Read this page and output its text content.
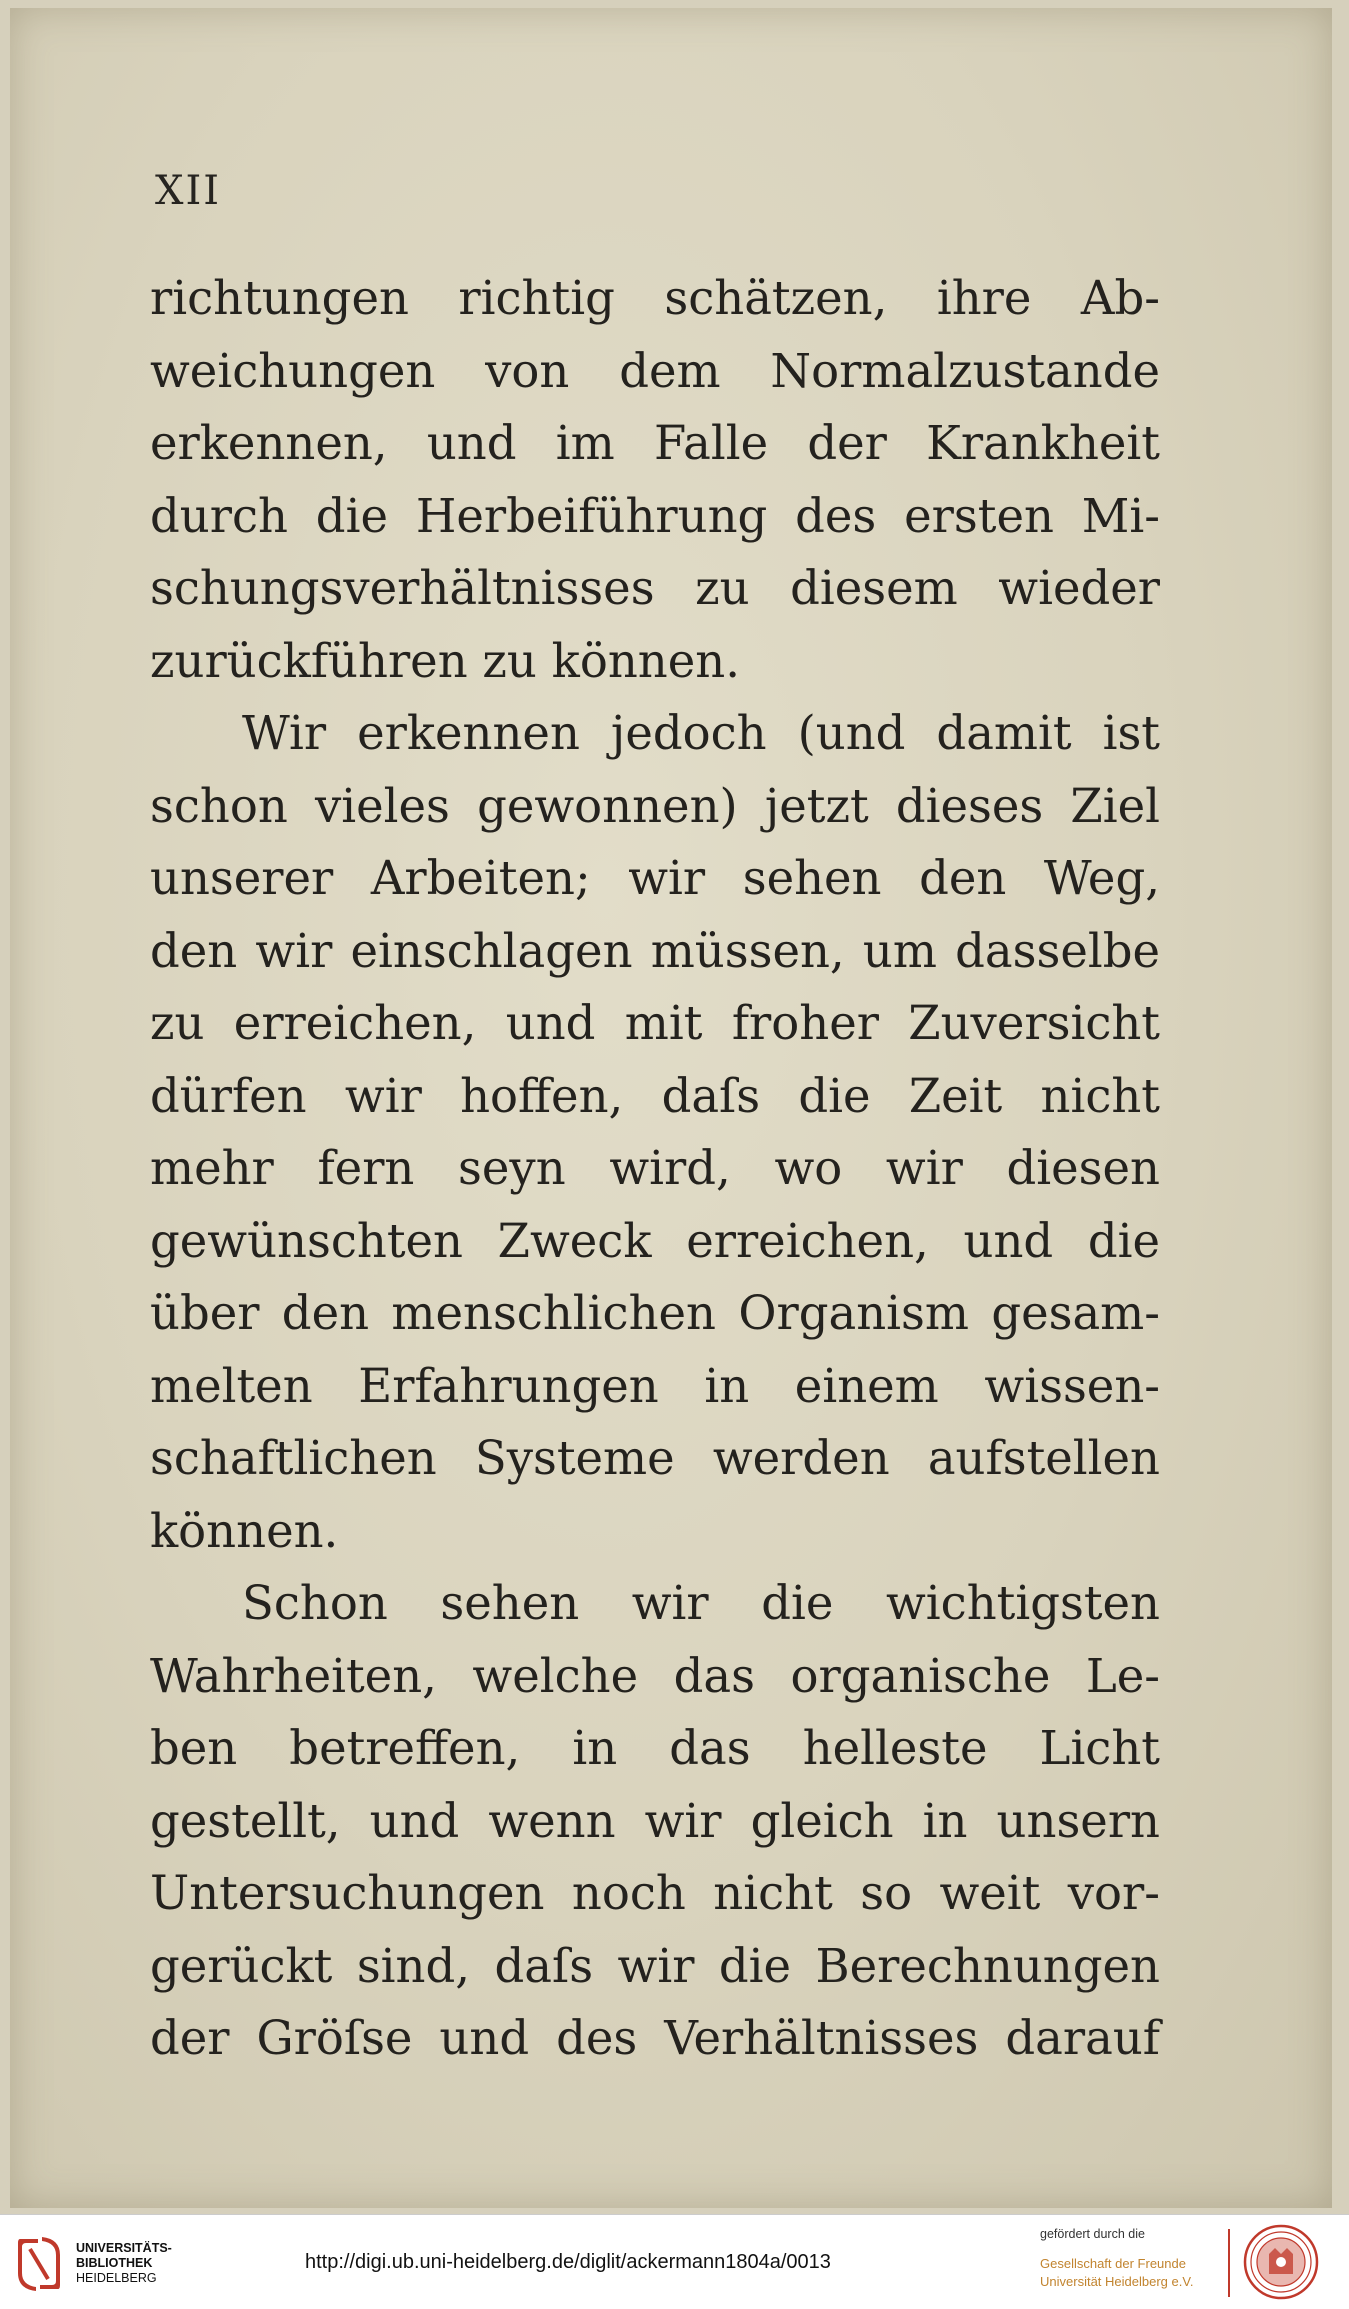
XII
richtungen richtig schätzen, ihre Ab-
weichungen von dem Normalzustande
erkennen, und im Falle der Krankheit
durch die Herbeiführung des ersten Mi-
schungsverhältnisses zu diesem wieder
zurückführen zu können.
Wir erkennen jedoch (und damit ist
schon vieles gewonnen) jetzt dieses Ziel
unserer Arbeiten; wir sehen den Weg,
den wir einschlagen müssen, um dasselbe
zu erreichen, und mit froher Zuversicht
dürfen wir hoffen, daſs die Zeit nicht
mehr fern seyn wird, wo wir diesen
gewünschten Zweck erreichen, und die
über den menschlichen Organism gesam-
melten Erfahrungen in einem wissen-
schaftlichen Systeme werden aufstellen
können.
Schon sehen wir die wichtigsten
Wahrheiten, welche das organische Le-
ben betreffen, in das helleste Licht
gestellt, und wenn wir gleich in unsern
Untersuchungen noch nicht so weit vor-
gerückt sind, daſs wir die Berechnungen
der Gröſse und des Verhältnisses darauf
UNIVERSITÄTS-
BIBLIOTHEK
HEIDELBERG
http://digi.ub.uni-heidelberg.de/diglit/ackermann1804a/0013
gefördert durch die
Gesellschaft der Freunde
Universität Heidelberg e.V.
